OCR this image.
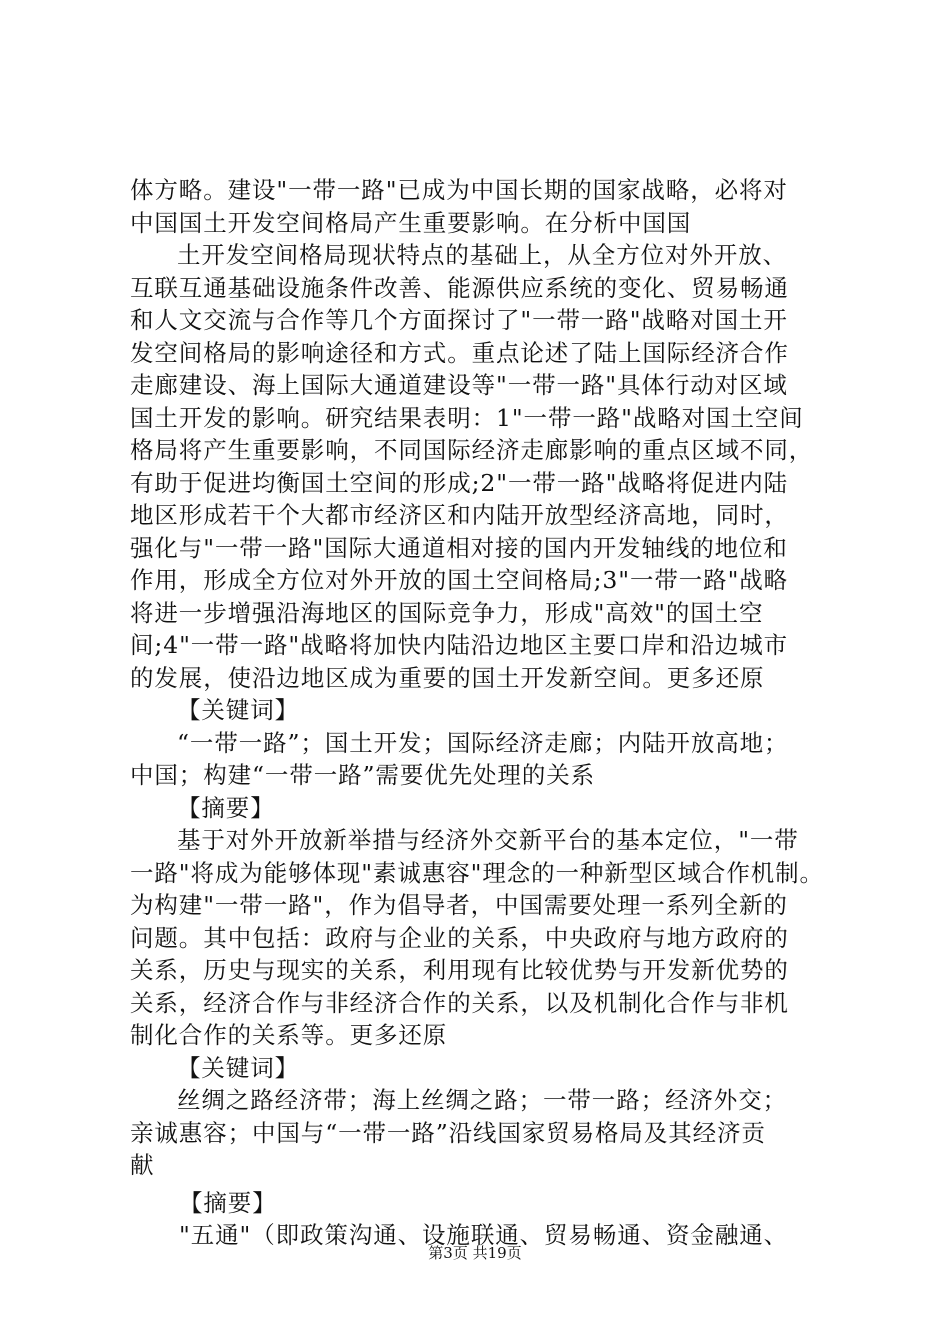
体方略。建设"一带一路"已成为中国长期的国家战略，必将对
中国国土开发空间格局产生重要影响。在分析中国国
土开发空间格局现状特点的基础上，从全方位对外开放、
互联互通基础设施条件改善、能源供应系统的变化、贸易畅通
和人文交流与合作等几个方面探讨了"一带一路"战略对国土开
发空间格局的影响途径和方式。重点论述了陆上国际经济合作
走廊建设、海上国际大通道建设等"一带一路"具体行动对区域
国土开发的影响。研究结果表明：1"一带一路"战略对国土空间
格局将产生重要影响，不同国际经济走廊影响的重点区域不同，
有助于促进均衡国土空间的形成;2"一带一路"战略将促进内陆
地区形成若干个大都市经济区和内陆开放型经济高地，同时，
强化与"一带一路"国际大通道相对接的国内开发轴线的地位和
作用，形成全方位对外开放的国土空间格局;3"一带一路"战略
将进一步增强沿海地区的国际竞争力，形成"高效"的国土空
间;4"一带一路"战略将加快内陆沿边地区主要口岸和沿边城市
的发展，使沿边地区成为重要的国土开发新空间。更多还原
【关键词】
“一带一路”；国土开发；国际经济走廊；内陆开放高地；
中国；构建“一带一路”需要优先处理的关系
【摘要】
基于对外开放新举措与经济外交新平台的基本定位，"一带
一路"将成为能够体现"素诚惠容"理念的一种新型区域合作机制。
为构建"一带一路"，作为倡导者，中国需要处理一系列全新的
问题。其中包括：政府与企业的关系，中央政府与地方政府的
关系，历史与现实的关系，利用现有比较优势与开发新优势的
关系，经济合作与非经济合作的关系，以及机制化合作与非机
制化合作的关系等。更多还原
【关键词】
丝绸之路经济带；海上丝绸之路；一带一路；经济外交；
亲诚惠容；中国与“一带一路”沿线国家贸易格局及其经济贡
献
【摘要】
"五通"（即政策沟通、设施联通、贸易畅通、资金融通、
第3页 共19页
